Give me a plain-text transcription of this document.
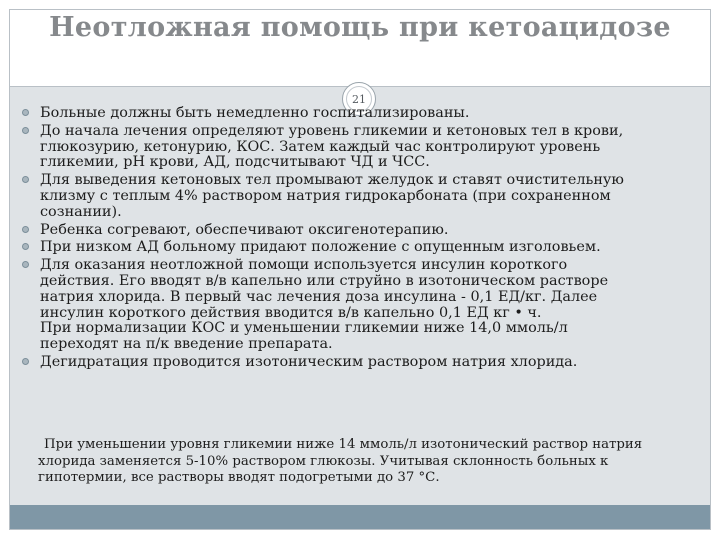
Неотложная помощь при кетоацидозе
21
Больные должны быть немедленно госпитализированы.
До начала лечения определяют уровень гликемии и кетоновых тел в крови,
глюкозурию, кетонурию, КОС. Затем каждый час контролируют уровень
гликемии, pH крови, АД, подсчитывают ЧД и ЧСС.
Для выведения кетоновых тел промывают желудок и ставят очистительную
клизму с теплым 4% раствором натрия гидрокарбоната (при сохраненном
сознании).
Ребенка согревают, обеспечивают оксигенотерапию.
При низком АД больному придают положение с опущенным изголовьем.
Для оказания неотложной помощи используется инсулин короткого
действия. Его вводят в/в капельно или струйно в изотоническом растворе
натрия хлорида. В первый час лечения доза инсулина - 0,1 ЕД/кг. Далее
инсулин короткого действия вводится в/в капельно 0,1 ЕД кг • ч.
При нормализации КОС и уменьшении гликемии ниже 14,0 ммоль/л
переходят на п/к введение препарата.
Дегидратация проводится изотоническим раствором натрия хлорида.
При уменьшении уровня гликемии ниже 14 ммоль/л изотонический раствор натрия
хлорида заменяется 5-10% раствором глюкозы. Учитывая склонность больных к
гипотермии, все растворы вводят подогретыми до 37 °С.
